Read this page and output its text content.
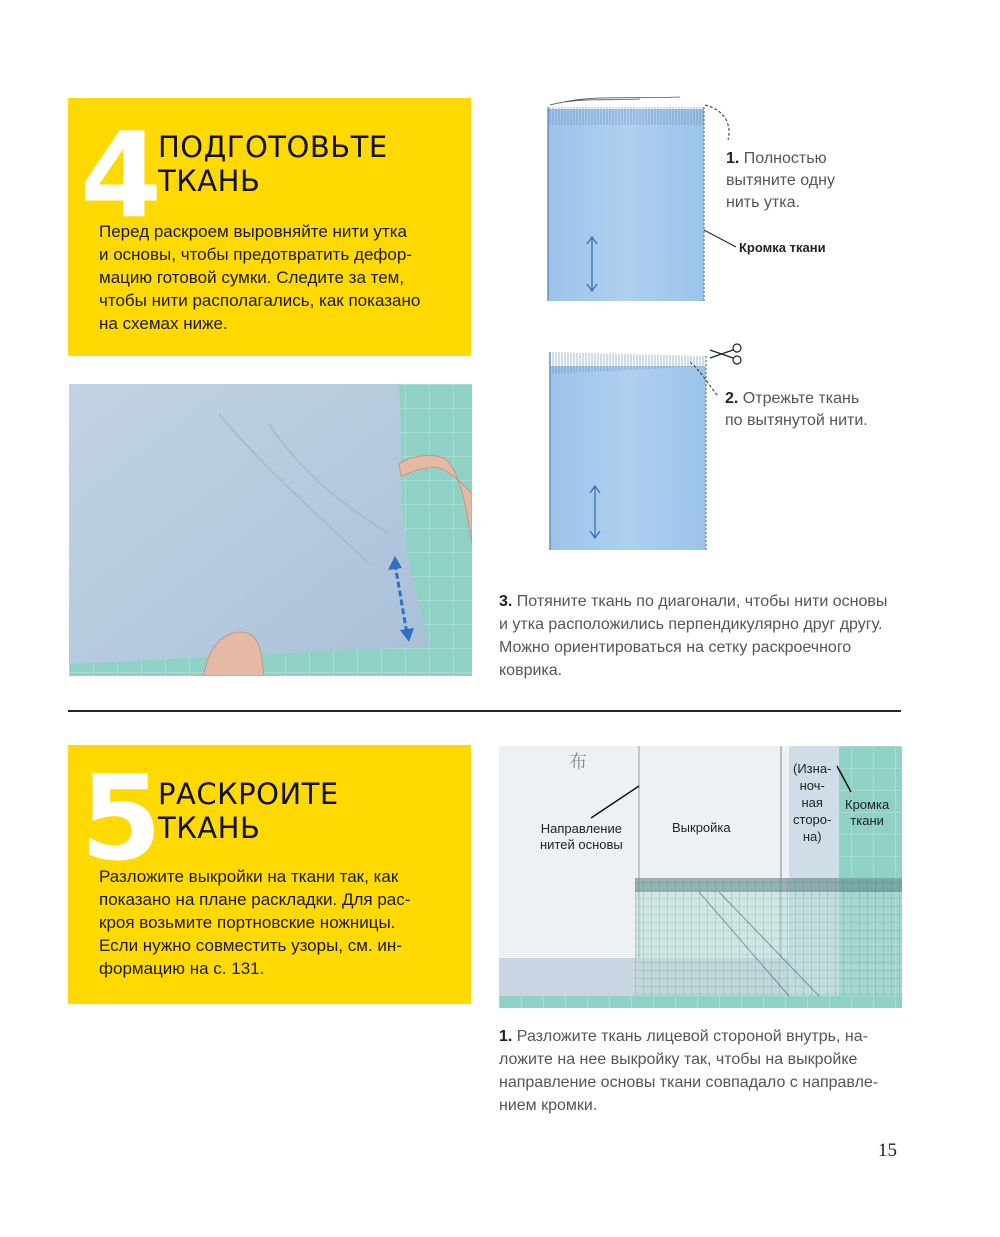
4 ПОДГОТОВЬТЕ
ТКАНЬ
Перед раскроем выровняйте нити утка
и основы, чтобы предотвратить дефор-
мацию готовой сумки. Следите за тем,
чтобы нити располагались, как показано
на схемах ниже.
1. Полностью
вытяните одну
нить утка.
Кромка ткани
2. Отрежьте ткань
по вытянутой нити.
3. Потяните ткань по диагонали, чтобы нити основы
и утка расположились перпендикулярно друг другу.
Можно ориентироваться на сетку раскроечного
коврика.
5 РАСКРОИТЕ
ТКАНЬ
Разложите выкройки на ткани так, как
показано на плане раскладки. Для рас-
кроя возьмите портновские ножницы.
Если нужно совместить узоры, см. ин-
формацию на с. 131.
布
Направление
нитей основы
Выкройка
(Изна-
ноч-
ная
сторо-
на)
Кромка
ткани
1. Разложите ткань лицевой стороной внутрь, на-
ложите на нее выкройку так, чтобы на выкройке
направление основы ткани совпадало с направле-
нием кромки.
15
